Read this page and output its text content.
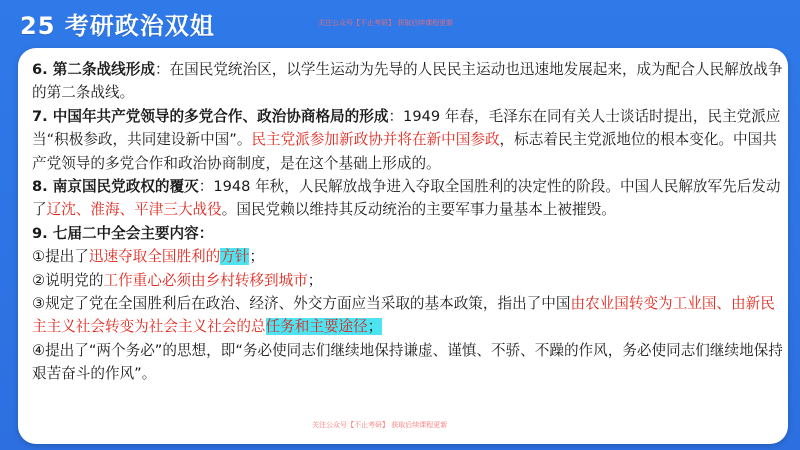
25 考研政治双姐	关注公众号【不止考研】 获取后续课程更新

6. 第二条战线形成：在国民党统治区，以学生运动为先导的人民民主运动也迅速地发展起来，成为配合人民解放战争的第二条战线。

7. 中国年共产党领导的多党合作、政治协商格局的形成：1949 年春，毛泽东在同有关人士谈话时提出，民主党派应当“积极参政，共同建设新中国”。民主党派参加新政协并将在新中国参政，标志着民主党派地位的根本变化。中国共产党领导的多党合作和政治协商制度，是在这个基础上形成的。

8. 南京国民党政权的覆灭：1948 年秋，人民解放战争进入夺取全国胜利的决定性的阶段。中国人民解放军先后发动了辽沈、淮海、平津三大战役。国民党赖以维持其反动统治的主要军事力量基本上被摧毁。

9. 七届二中全会主要内容：

①提出了迅速夺取全国胜利的方针；

②说明党的工作重心必须由乡村转移到城市；

③规定了党在全国胜利后在政治、经济、外交方面应当采取的基本政策，指出了中国由农业国转变为工业国、由新民主主义社会转变为社会主义社会的总任务和主要途径；

④提出了“两个务必”的思想，即“务必使同志们继续地保持谦虚、谨慎、不骄、不躁的作风，务必使同志们继续地保持艰苦奋斗的作风”。

关注公众号【不止考研】 获取后续课程更新
